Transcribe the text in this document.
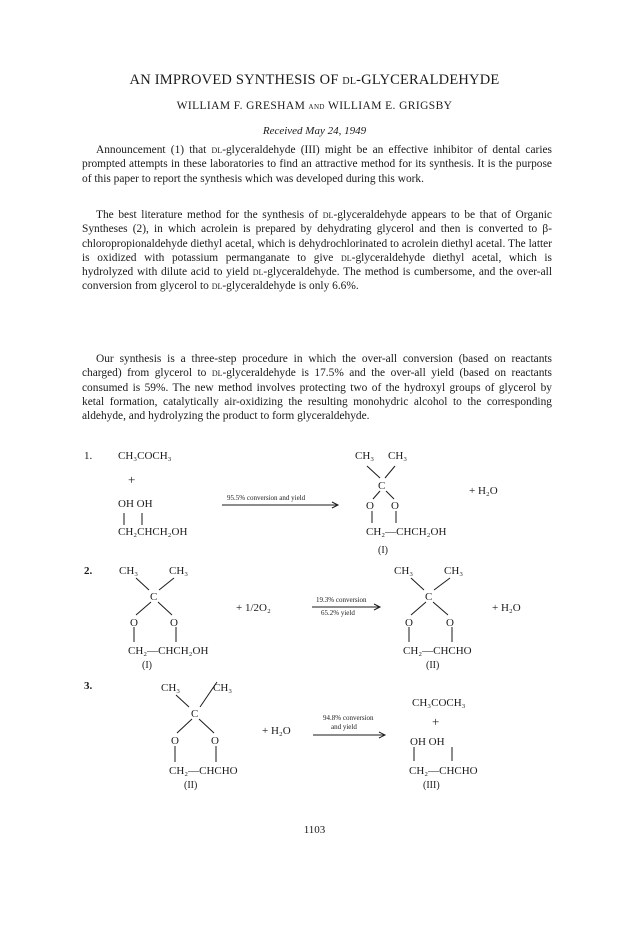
AN IMPROVED SYNTHESIS OF dl-GLYCERALDEHYDE
WILLIAM F. GRESHAM and WILLIAM E. GRIGSBY
Received May 24, 1949

Announcement (1) that dl-glyceraldehyde (III) might be an effective inhibitor of dental caries prompted attempts in these laboratories to find an attractive method for its synthesis. It is the purpose of this paper to report the synthesis which was developed during this work.

The best literature method for the synthesis of dl-glyceraldehyde appears to be that of Organic Syntheses (2), in which acrolein is prepared by dehydrating glycerol and then is converted to β-chloropropionaldehyde diethyl acetal, which is dehydrochlorinated to acrolein diethyl acetal. The latter is oxidized with potassium permanganate to give dl-glyceraldehyde diethyl acetal, which is hydrolyzed with dilute acid to yield dl-glyceraldehyde. The method is cumbersome, and the over-all conversion from glycerol to dl-glyceraldehyde is only 6.6%.

Our synthesis is a three-step procedure in which the over-all conversion (based on reactants charged) from glycerol to dl-glyceraldehyde is 17.5% and the over-all yield (based on reactants consumed is 59%. The new method involves protecting two of the hydroxyl groups of glycerol by ketal formation, catalytically air-oxidizing the resulting monohydric alcohol to the corresponding aldehyde, and hydrolyzing the product to form glyceraldehyde.

1. CH₃COCH₃
+
OH OH
CH₂CHCH₂OH
95.5% conversion and yield
CH₃ CH₃
C
O O
CH₂—CHCH₂OH
(I)
+ H₂O
2. CH₃	CH₃
C
O	O
CH₂—CHCH₂OH
(I)
+ 1/2O₂
19.3% conversion
65.2% yield
CH₃	CH₃
C
O	O
CH₂—CHCHO
(II)
+ H₂O
3.	CH₃	CH₃
C
O	O
CH₂—CHCHO
(II)
+ H₂O
94.8% conversion
and yield
CH₃COCH₃
+
OH OH
CH₂—CHCHO
(III)
1103
